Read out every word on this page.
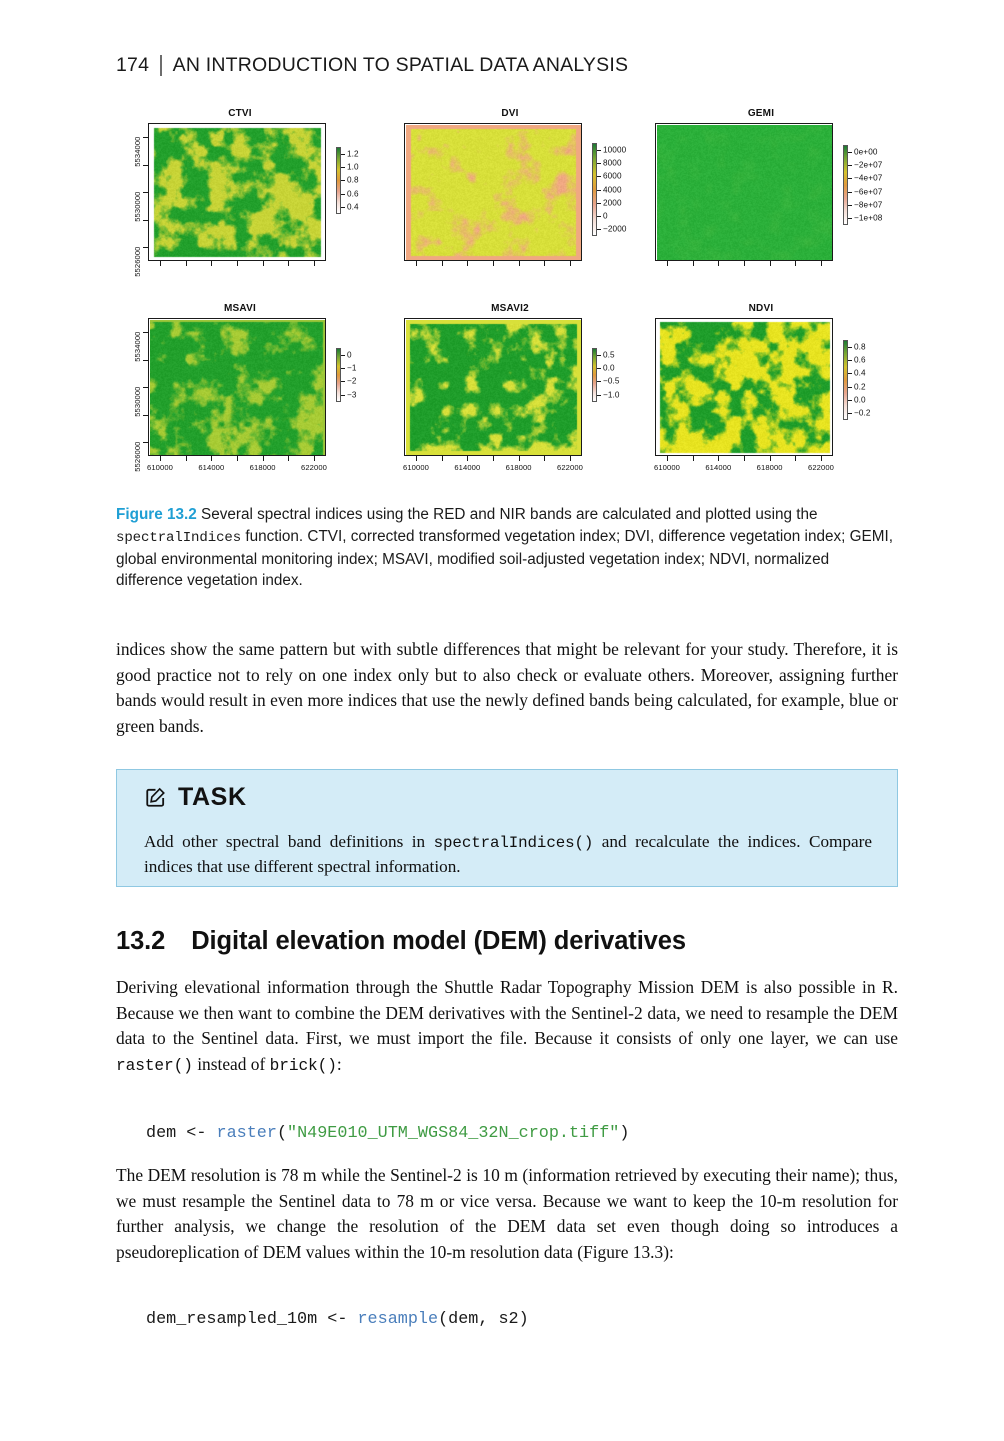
174 AN INTRODUCTION TO SPATIAL DATA ANALYSIS
CTVI
5534000
5530000
5526000
1.2
1.0
0.8
0.6
0.4
DVI
10000
8000
6000
4000
2000
0
−2000
GEMI
0e+00
−2e+07
−4e+07
−6e+07
−8e+07
−1e+08
MSAVI
5534000
5530000
5526000 610000	614000	618000	622000
0
−1
−2
−3
MSAVI2
610000	614000	618000	622000
0.5
0.0
−0.5
−1.0
NDVI
610000	614000	618000	622000
0.8
0.6
0.4
0.2
0.0
−0.2
Figure 13.2 Several spectral indices using the RED and NIR bands are calculated and plotted using the spectralIndices function. CTVI, corrected transformed vegetation index; DVI, difference vegetation index; GEMI, global environmental monitoring index; MSAVI, modified soil-adjusted vegetation index; NDVI, normalized difference vegetation index.
indices show the same pattern but with subtle differences that might be relevant for your study. Therefore, it is good practice not to rely on one index only but to also check or evaluate others. Moreover, assigning further bands would result in even more indices that use the newly defined bands being calculated, for example, blue or green bands.
TASK
Add other spectral band definitions in spectralIndices() and recalculate the indices. Compare indices that use different spectral information.
13.2 Digital elevation model (DEM) derivatives
Deriving elevational information through the Shuttle Radar Topography Mission DEM is also possible in R. Because we then want to combine the DEM derivatives with the Sentinel-2 data, we need to resample the DEM data to the Sentinel data. First, we must import the file. Because it consists of only one layer, we can use raster() instead of brick():
dem <- raster("N49E010_UTM_WGS84_32N_crop.tiff")
The DEM resolution is 78 m while the Sentinel-2 is 10 m (information retrieved by executing their name); thus, we must resample the Sentinel data to 78 m or vice versa. Because we want to keep the 10-m resolution for further analysis, we change the resolution of the DEM data set even though doing so introduces a pseudoreplication of DEM values within the 10-m resolution data (Figure 13.3):
dem_resampled_10m <- resample(dem, s2)
